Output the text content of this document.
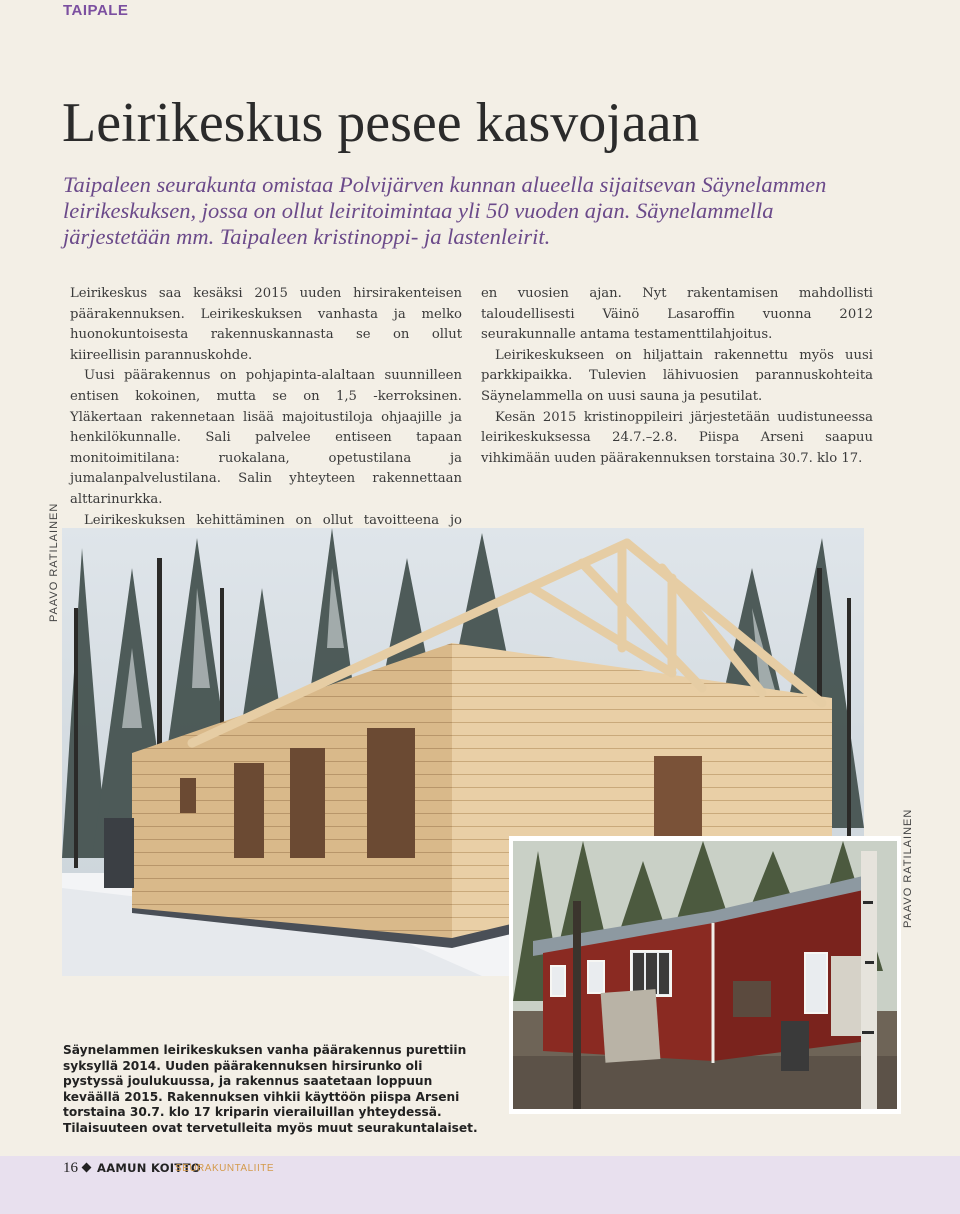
TAIPALE
Leirikeskus pesee kasvojaan

Taipaleen seurakunta omistaa Polvijärven kunnan alueella sijaitsevan Säynelammen leirikeskuksen, jossa on ollut leiritoimintaa yli 50 vuoden ajan. Säynelammella järjestetään mm. Taipaleen kristinoppi- ja lastenleirit.

Leirikeskus saa kesäksi 2015 uuden hirsirakenteisen päärakennuksen. Leirikeskuksen vanhasta ja melko huonokuntoisesta rakennuskannasta se on ollut kiireellisin parannuskohde.

Uusi päärakennus on pohjapinta-alaltaan suunnilleen entisen kokoinen, mutta se on 1,5 -kerroksinen. Yläkertaan rakennetaan lisää majoitustiloja ohjaajille ja henkilökunnalle. Sali palvelee entiseen tapaan monitoimitilana: ruokalana, opetustilana ja jumalanpalvelustilana. Salin yhteyteen rakennettaan alttarinurkka.

Leirikeskuksen kehittäminen on ollut tavoitteena jo

en vuosien ajan. Nyt rakentamisen mahdollisti taloudellisesti Väinö Lasaroffin vuonna 2012 seurakunnalle antama testamenttilahjoitus.

Leirikeskukseen on hiljattain rakennettu myös uusi parkkipaikka. Tulevien lähivuosien parannuskohteita Säynelammella on uusi sauna ja pesutilat.

Kesän 2015 kristinoppileiri järjestetään uudistuneessa leirikeskuksessa 24.7.–2.8. Piispa Arseni saapuu vihkimään uuden päärakennuksen torstaina 30.7. klo 17.

PAAVO RATILAINEN
PAAVO RATILAINEN

Säynelammen leirikeskuksen vanha päärakennus purettiin syksyllä 2014. Uuden päärakennuksen hirsirunko oli pystyssä joulukuussa, ja rakennus saatetaan loppuun keväällä 2015. Rakennuksen vihkii käyttöön piispa Arseni torstaina 30.7. klo 17 kriparin vierailuillan yhteydessä. Tilaisuuteen ovat tervetulleita myös muut seurakuntalaiset.

16 AAMUN KOITTO
SEURAKUNTALIITE
